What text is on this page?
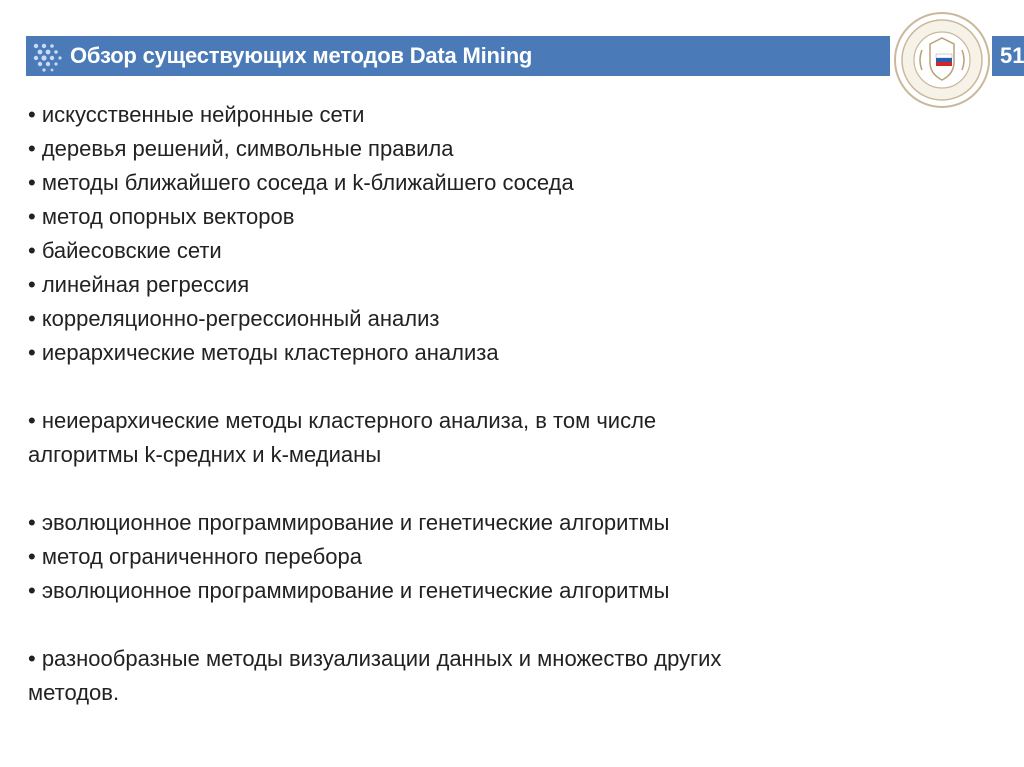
Обзор существующих методов Data Mining	51

• искусственные нейронные сети

• деревья решений, символьные правила

• методы ближайшего соседа и k-ближайшего соседа

• метод опорных векторов

• байесовские сети

• линейная регрессия

• корреляционно-регрессионный анализ

• иерархические методы кластерного анализа

• неиерархические методы кластерного анализа, в том числе

алгоритмы k-средних и k-медианы

• эволюционное программирование и генетические алгоритмы

• метод ограниченного перебора

• эволюционное программирование и генетические алгоритмы

• разнообразные методы визуализации данных и множество других

методов.
